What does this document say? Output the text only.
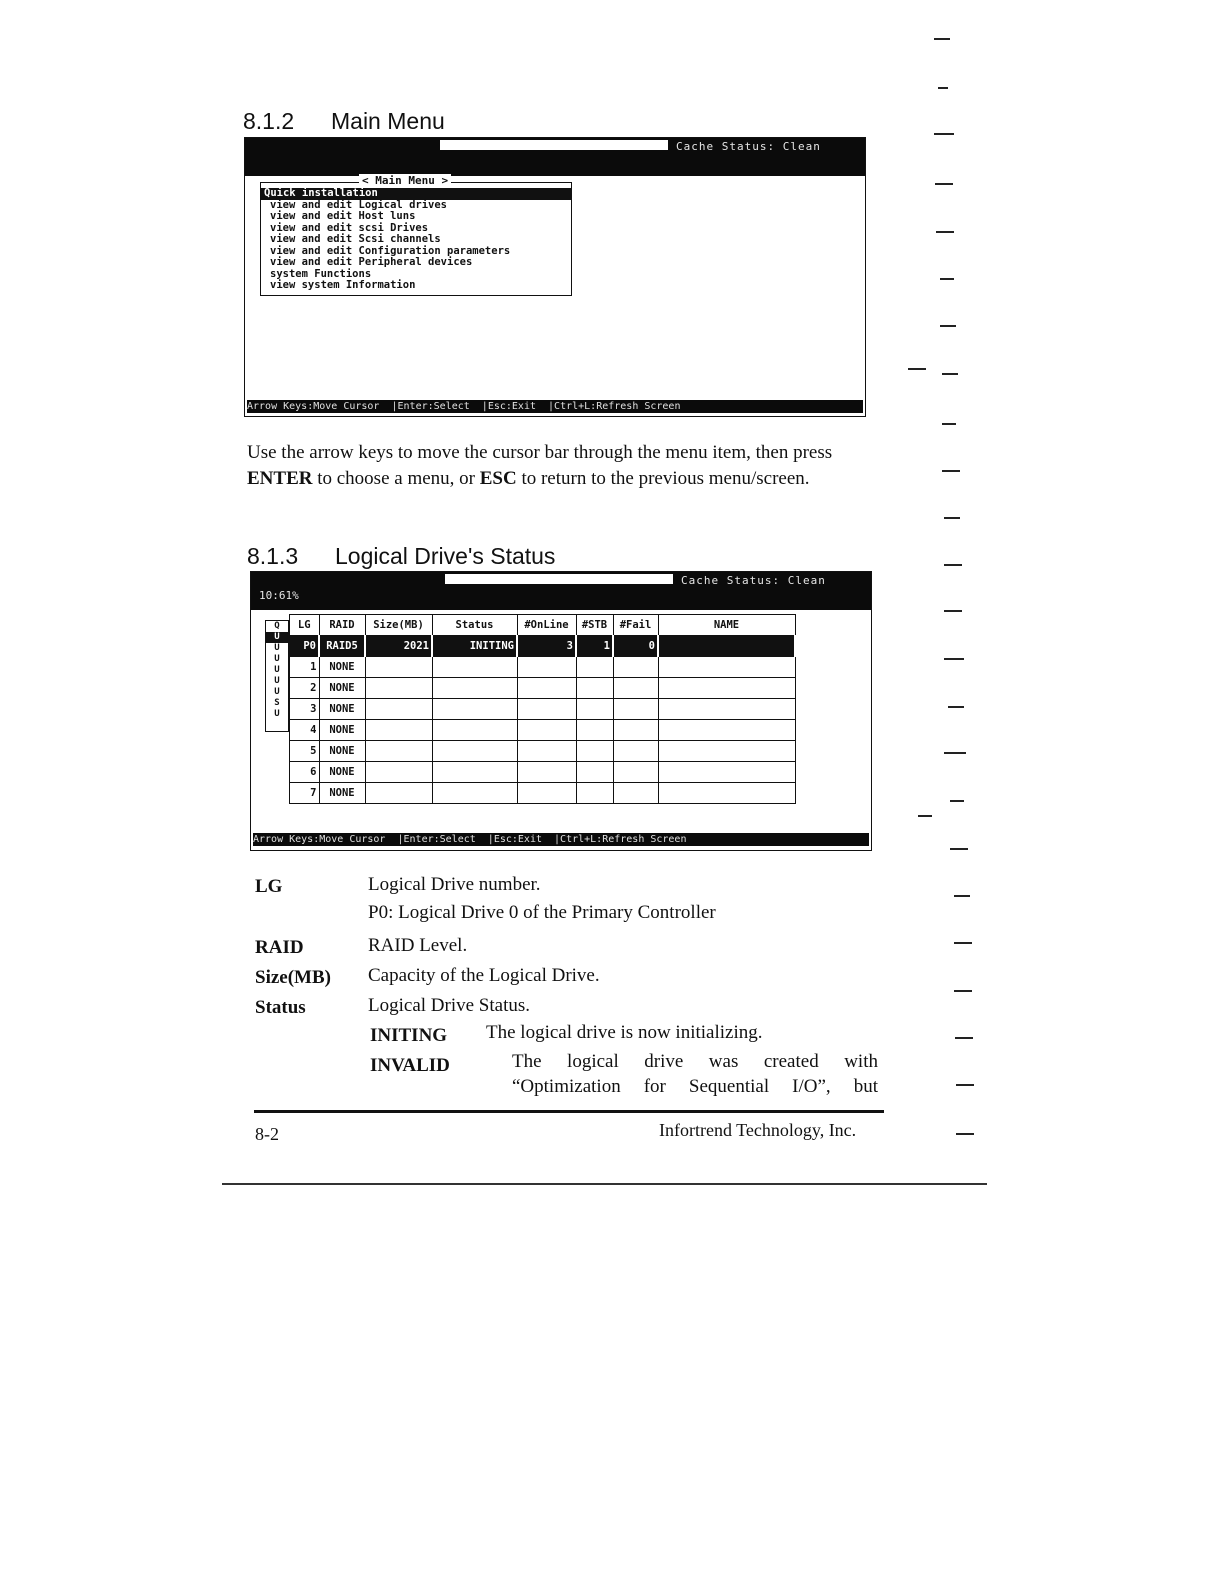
8.1.2 Main Menu
Cache Status: Clean
< Main Menu >
Quick installation
view and edit Logical drives
view and edit Host luns
view and edit scsi Drives
view and edit Scsi channels
view and edit Configuration parameters
view and edit Peripheral devices
system Functions
view system Information
Arrow Keys:Move Cursor  |Enter:Select  |Esc:Exit  |Ctrl+L:Refresh Screen
Use the arrow keys to move the cursor bar through the menu item, then press ENTER to choose a menu, or ESC to return to the previous menu/screen.
8.1.3 Logical Drive's Status
Cache Status: Clean
10:61%
Q
U
U
U
U
U
U
S
U
LG	RAID	Size(MB)	Status	#OnLine	#STB	#Fail	NAME
P0	RAID5	2021	INITING	3	1	0	
1	NONE						
2	NONE						
3	NONE						
4	NONE						
5	NONE						
6	NONE						
7	NONE						
Arrow Keys:Move Cursor  |Enter:Select  |Esc:Exit  |Ctrl+L:Refresh Screen
LG	Logical Drive number.
P0: Logical Drive 0 of the Primary Controller
RAID	RAID Level.
Size(MB) Capacity of the Logical Drive.
Status	Logical Drive Status.
INITING The logical drive is now initializing.
INVALID	The logical drive was created with
“Optimization for Sequential I/O”, but
8-2	Infortrend Technology, Inc.
